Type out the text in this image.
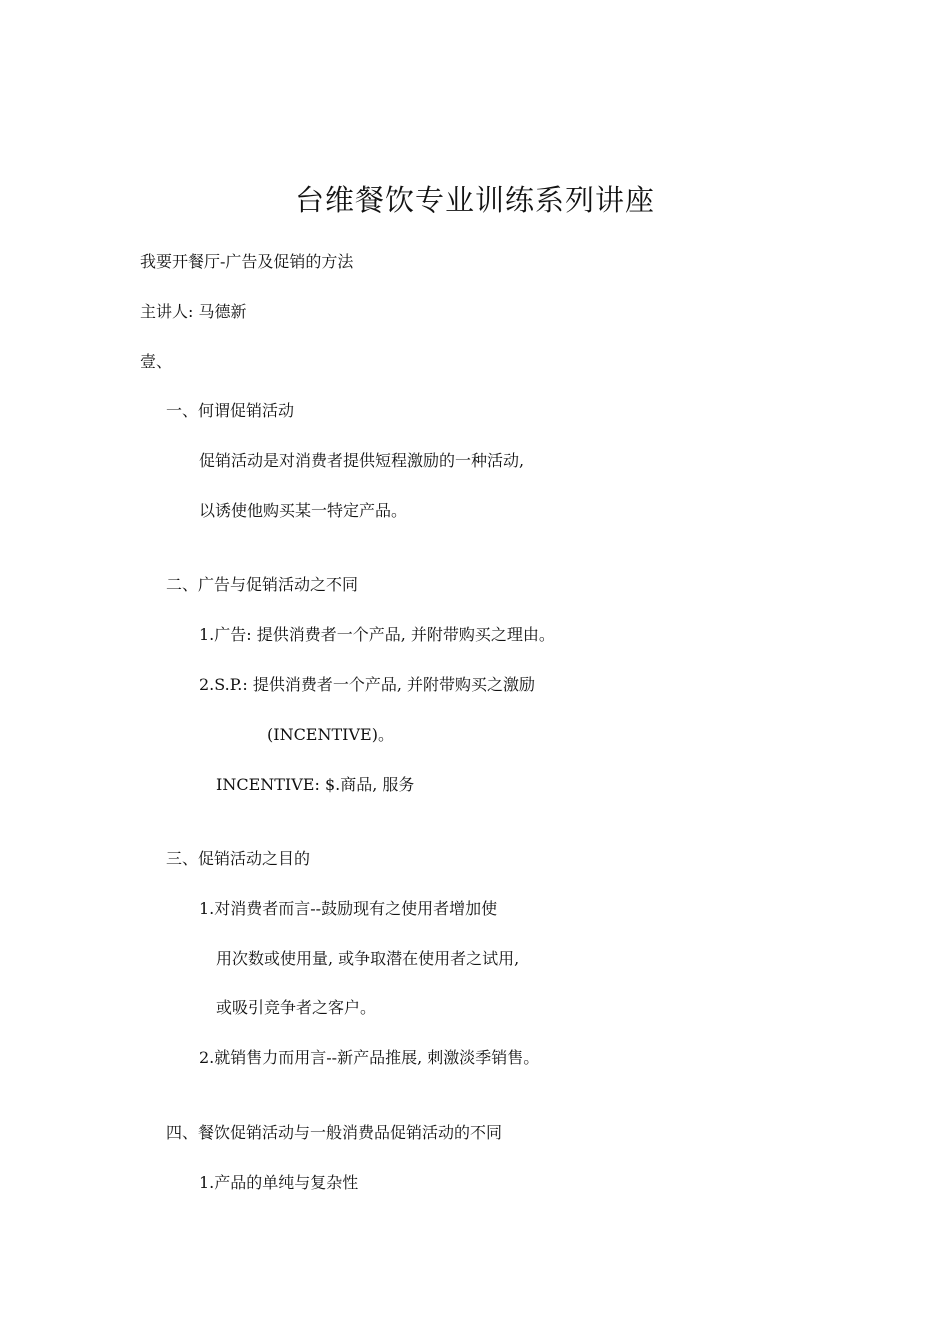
台维餐饮专业训练系列讲座
我要开餐厅-广告及促销的方法
主讲人: 马德新
壹、
一、何谓促销活动
促销活动是对消费者提供短程激励的一种活动,
以诱使他购买某一特定产品。
二、广告与促销活动之不同
1.广告: 提供消费者一个产品, 并附带购买之理由。
2.S.P.: 提供消费者一个产品, 并附带购买之激励
(INCENTIVE)。
INCENTIVE: $.商品, 服务
三、促销活动之目的
1.对消费者而言--鼓励现有之使用者增加使
用次数或使用量, 或争取潜在使用者之试用,
或吸引竞争者之客户。
2.就销售力而用言--新产品推展, 刺激淡季销售。
四、餐饮促销活动与一般消费品促销活动的不同
1.产品的单纯与复杂性
